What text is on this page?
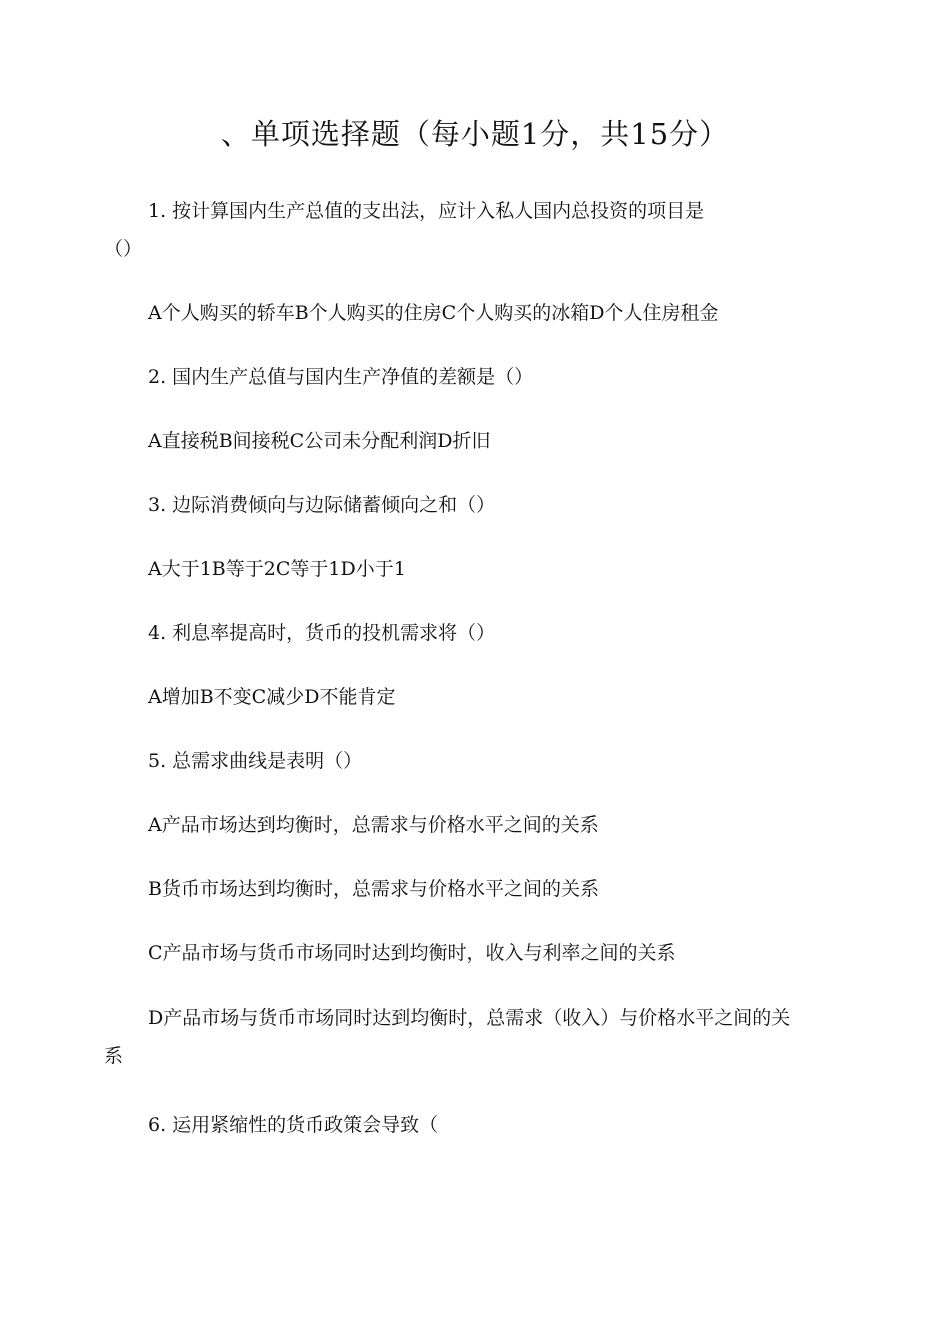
、单项选择题（每小题1分，共15分）

1. 按计算国内生产总值的支出法，应计入私人国内总投资的项目是

（）

A个人购买的轿车B个人购买的住房C个人购买的冰箱D个人住房租金

2. 国内生产总值与国内生产净值的差额是（）

A直接税B间接税C公司未分配利润D折旧

3. 边际消费倾向与边际储蓄倾向之和（）

A大于1B等于2C等于1D小于1

4. 利息率提高时，货币的投机需求将（）

A增加B不变C减少D不能肯定

5. 总需求曲线是表明（）

A产品市场达到均衡时，总需求与价格水平之间的关系

B货币市场达到均衡时，总需求与价格水平之间的关系

C产品市场与货币市场同时达到均衡时，收入与利率之间的关系

D产品市场与货币市场同时达到均衡时，总需求（收入）与价格水平之间的关

系

6. 运用紧缩性的货币政策会导致（
